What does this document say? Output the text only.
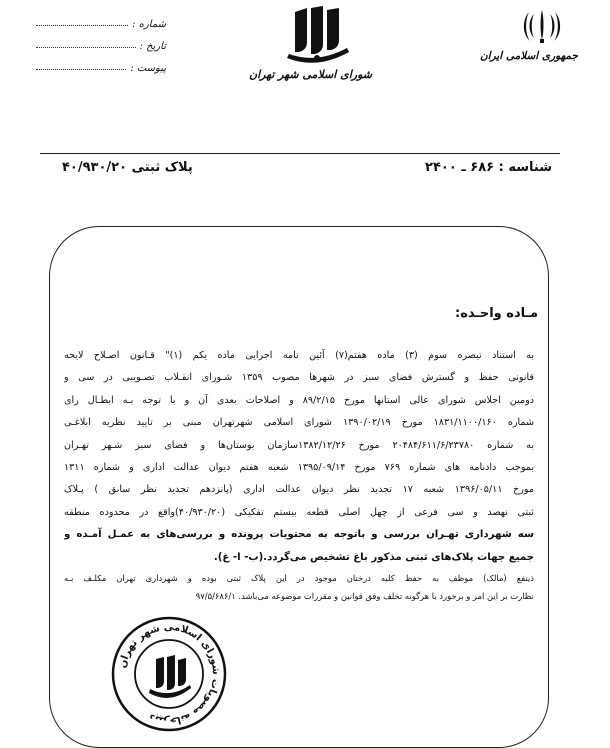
جمهوری اسلامی ایران
شورای اسلامی شهر تهران
شماره :
تاریخ :
پیوست :
شناسه : ۶۸۶ ـ ۲۴۰۰
پلاک ثبتی ۴۰/۹۳۰/۲۰
مـاده واحـده:
به استناد تبصره سوم (۳) ماده هفتم(۷) آئین نامه اجرایی ماده یکم (۱)" قـانون اصـلاح لایحه
قانونی حفظ و گسترش فضای سبز در شهرها مصوب ۱۳۵۹ شـورای انقـلاب تصـویبی در سی و
دومین اجلاس شورای عالی استانها مورخ ۸۹/۲/۱۵ و اصلاحات بعدی آن و با توجه بـه ابطـال رای
شماره ۱۸۳۱/۱۱۰۰/۱۶۰ مورخ ۱۳۹۰/۰۲/۱۹ شورای اسلامی شهرتهران مبنی بر تایید نظریه ابلاغـی
به شماره ۲۰۴۸۴/۶۱۱/۶/۲۳۷۸۰ مورخ ۱۳۸۲/۱۲/۲۶سازمان بوستان‌ها و فضای سبز شـهر تهـران
بموجب دادنامه های شماره ۷۶۹ مورخ ۱۳۹۵/۰۹/۱۴ شعبه هفتم دیوان عدالت اداری و شماره ۱۳۱۱
مورخ ۱۳۹۶/۰۵/۱۱ شعبه ۱۷ تجدید نظر دیوان عدالت اداری (پانزدهم تجدید نظر سابق ) پـلاک
ثبتی نهصد و سی فرعی از چهل اصلی قطعه بیستم تفکیکی (۴۰/۹۳۰/۲۰)واقع در محدوده منطقه
سه شهرداری تهـران بررسی و باتوجه به محتویات پرونده و بررسی‌های به عمـل آمـده و
جمیع جهات پلاک‌های ثبتی مذکور باغ تشخیص می‌گردد.(ب- ا- غ).
ذینفع (مالک) موظف به حفظ کلیه درختان موجود در این پلاک ثبتی بوده و شهرداری تهران مکلـف بـه
نظارت بر این امر و برخورد با هرگونه تخلف وفق قوانین و مقررات موضوعه می‌باشد. ۹۷/۵/۶۸۶/۱
دبیرخانه مصوبات شورای اسلامی شهر تهران
